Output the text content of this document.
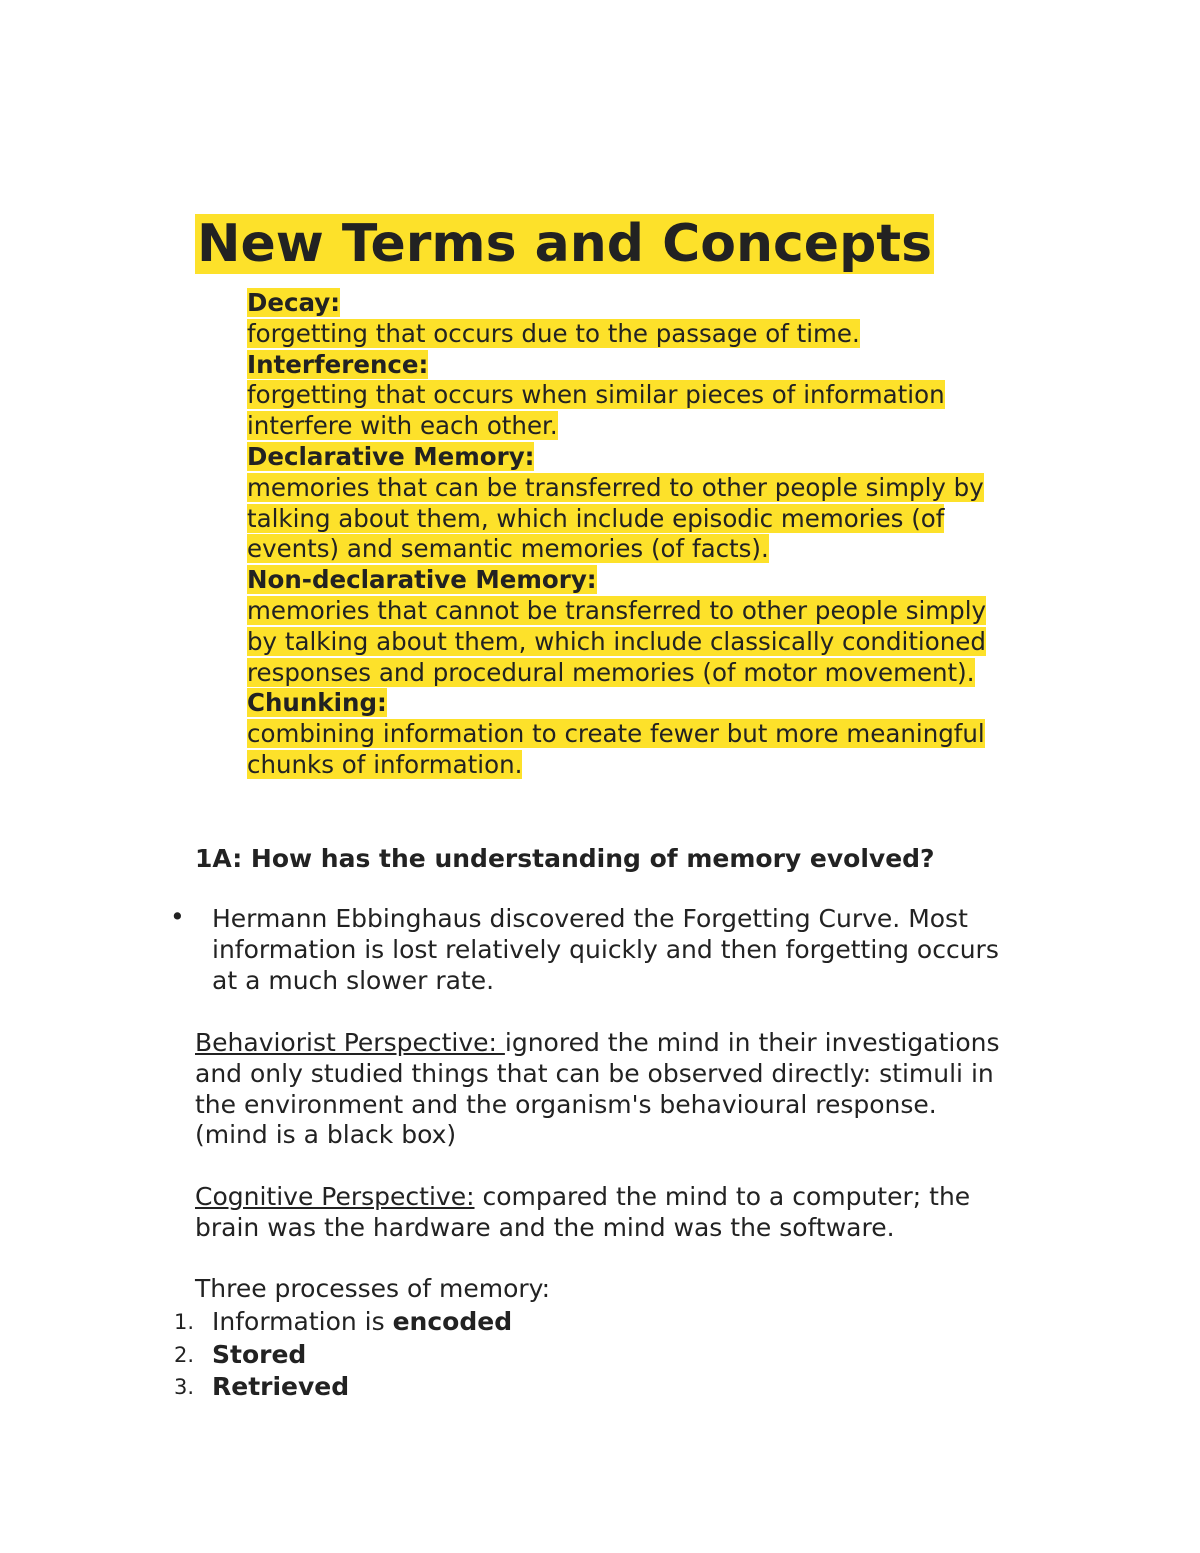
New Terms and Concepts
Decay:
forgetting that occurs due to the passage of time.
Interference:
forgetting that occurs when similar pieces of information
interfere with each other.
Declarative Memory:
memories that can be transferred to other people simply by
talking about them, which include episodic memories (of
events) and semantic memories (of facts).
Non-declarative Memory:
memories that cannot be transferred to other people simply
by talking about them, which include classically conditioned
responses and procedural memories (of motor movement).
Chunking:
combining information to create fewer but more meaningful
chunks of information.
1A: How has the understanding of memory evolved?
• Hermann Ebbinghaus discovered the Forgetting Curve. Most
information is lost relatively quickly and then forgetting occurs
at a much slower rate.
Behaviorist Perspective: ignored the mind in their investigations
and only studied things that can be observed directly: stimuli in
the environment and the organism's behavioural response.
(mind is a black box)
Cognitive Perspective: compared the mind to a computer; the
brain was the hardware and the mind was the software.
Three processes of memory:
1. Information is encoded
2. Stored
3. Retrieved
